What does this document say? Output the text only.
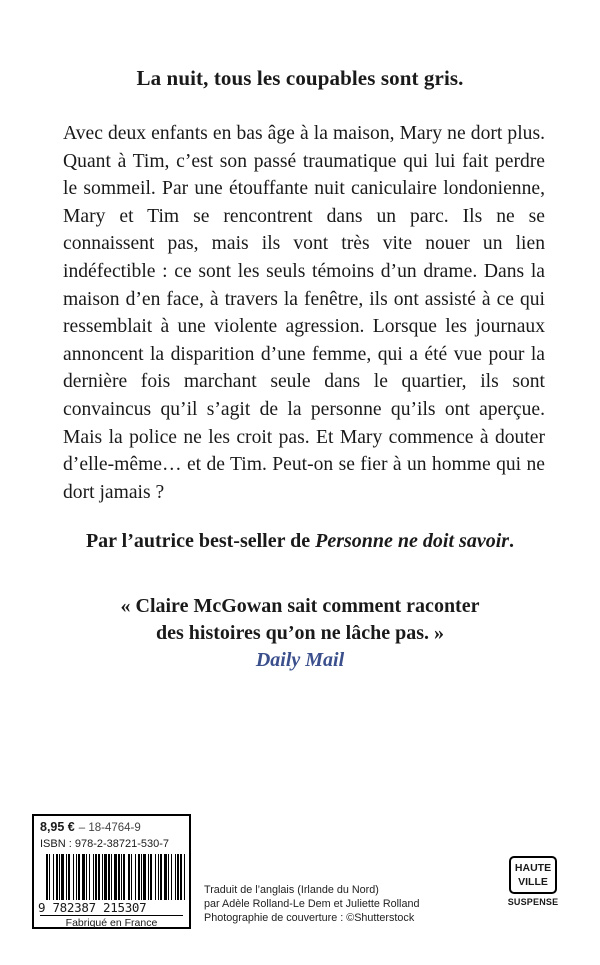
La nuit, tous les coupables sont gris.
Avec deux enfants en bas âge à la maison, Mary ne dort plus. Quant à Tim, c’est son passé traumatique qui lui fait perdre le sommeil. Par une étouffante nuit caniculaire londonienne, Mary et Tim se rencontrent dans un parc. Ils ne se connaissent pas, mais ils vont très vite nouer un lien indéfectible : ce sont les seuls témoins d’un drame. Dans la maison d’en face, à travers la fenêtre, ils ont assisté à ce qui ressemblait à une violente agression. Lorsque les journaux annoncent la disparition d’une femme, qui a été vue pour la dernière fois marchant seule dans le quartier, ils sont convaincus qu’il s’agit de la personne qu’ils ont aperçue. Mais la police ne les croit pas. Et Mary commence à douter d’elle-même… et de Tim. Peut-on se fier à un homme qui ne dort jamais ?
Par l’autrice best-seller de Personne ne doit savoir.
« Claire McGowan sait comment raconter
des histoires qu’on ne lâche pas. »
Daily Mail
8,95 € – 18-4764-9
ISBN : 978-2-38721-530-7
9 782387 215307
Fabriqué en France
Traduit de l’anglais (Irlande du Nord)
par Adèle Rolland-Le Dem et Juliette Rolland
Photographie de couverture : ©Shutterstock
HAUTE
VILLE
SUSPENSE
